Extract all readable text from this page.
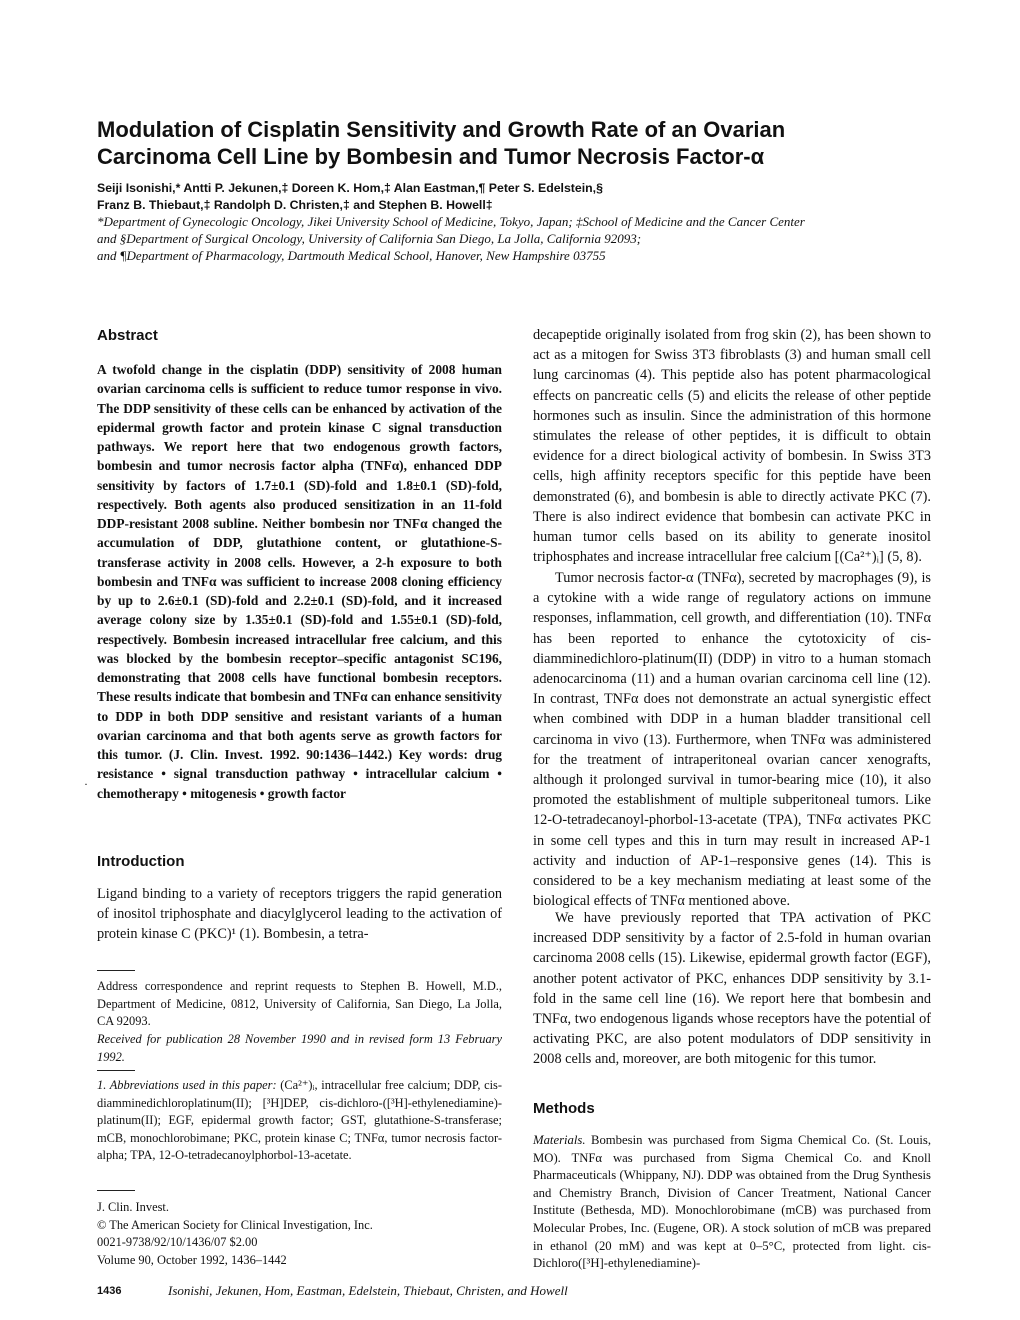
Modulation of Cisplatin Sensitivity and Growth Rate of an Ovarian
Carcinoma Cell Line by Bombesin and Tumor Necrosis Factor-α
Seiji Isonishi,* Antti P. Jekunen,‡ Doreen K. Hom,‡ Alan Eastman,¶ Peter S. Edelstein,§
Franz B. Thiebaut,‡ Randolph D. Christen,‡ and Stephen B. Howell‡
*Department of Gynecologic Oncology, Jikei University School of Medicine, Tokyo, Japan; ‡School of Medicine and the Cancer Center
and §Department of Surgical Oncology, University of California San Diego, La Jolla, California 92093;
and ¶Department of Pharmacology, Dartmouth Medical School, Hanover, New Hampshire 03755
Abstract

A twofold change in the cisplatin (DDP) sensitivity of 2008 human ovarian carcinoma cells is sufficient to reduce tumor response in vivo. The DDP sensitivity of these cells can be enhanced by activation of the epidermal growth factor and protein kinase C signal transduction pathways. We report here that two endogenous growth factors, bombesin and tumor necrosis factor alpha (TNFα), enhanced DDP sensitivity by factors of 1.7±0.1 (SD)-fold and 1.8±0.1 (SD)-fold, respectively. Both agents also produced sensitization in an 11-fold DDP-resistant 2008 subline. Neither bombesin nor TNFα changed the accumulation of DDP, glutathione content, or glutathione-S-transferase activity in 2008 cells. However, a 2-h exposure to both bombesin and TNFα was sufficient to increase 2008 cloning efficiency by up to 2.6±0.1 (SD)-fold and 2.2±0.1 (SD)-fold, and it increased average colony size by 1.35±0.1 (SD)-fold and 1.55±0.1 (SD)-fold, respectively. Bombesin increased intracellular free calcium, and this was blocked by the bombesin receptor–specific antagonist SC196, demonstrating that 2008 cells have functional bombesin receptors. These results indicate that bombesin and TNFα can enhance sensitivity to DDP in both DDP sensitive and resistant variants of a human ovarian carcinoma and that both agents serve as growth factors for this tumor. (J. Clin. Invest. 1992. 90:1436–1442.) Key words: drug resistance • signal transduction pathway • intracellular calcium • chemotherapy • mitogenesis • growth factor

·
Introduction

Ligand binding to a variety of receptors triggers the rapid generation of inositol triphosphate and diacylglycerol leading to the activation of protein kinase C (PKC)¹ (1). Bombesin, a tetra-

Address correspondence and reprint requests to Stephen B. Howell, M.D., Department of Medicine, 0812, University of California, San Diego, La Jolla, CA 92093.

Received for publication 28 November 1990 and in revised form 13 February 1992.

1. Abbreviations used in this paper: (Ca²⁺)ᵢ, intracellular free calcium; DDP, cis-diamminedichloroplatinum(II); [³H]DEP, cis-dichloro-([³H]-ethylenediamine)-platinum(II); EGF, epidermal growth factor; GST, glutathione-S-transferase; mCB, monochlorobimane; PKC, protein kinase C; TNFα, tumor necrosis factor-alpha; TPA, 12-O-tetradecanoylphorbol-13-acetate.

J. Clin. Invest.
© The American Society for Clinical Investigation, Inc.
0021-9738/92/10/1436/07 $2.00
Volume 90, October 1992, 1436–1442

decapeptide originally isolated from frog skin (2), has been shown to act as a mitogen for Swiss 3T3 fibroblasts (3) and human small cell lung carcinomas (4). This peptide also has potent pharmacological effects on pancreatic cells (5) and elicits the release of other peptide hormones such as insulin. Since the administration of this hormone stimulates the release of other peptides, it is difficult to obtain evidence for a direct biological activity of bombesin. In Swiss 3T3 cells, high affinity receptors specific for this peptide have been demonstrated (6), and bombesin is able to directly activate PKC (7). There is also indirect evidence that bombesin can activate PKC in human tumor cells based on its ability to generate inositol triphosphates and increase intracellular free calcium [(Ca²⁺)ᵢ] (5, 8).

Tumor necrosis factor-α (TNFα), secreted by macrophages (9), is a cytokine with a wide range of regulatory actions on immune responses, inflammation, cell growth, and differentiation (10). TNFα has been reported to enhance the cytotoxicity of cis-diamminedichloro-platinum(II) (DDP) in vitro to a human stomach adenocarcinoma (11) and a human ovarian carcinoma cell line (12). In contrast, TNFα does not demonstrate an actual synergistic effect when combined with DDP in a human bladder transitional cell carcinoma in vivo (13). Furthermore, when TNFα was administered for the treatment of intraperitoneal ovarian cancer xenografts, although it prolonged survival in tumor-bearing mice (10), it also promoted the establishment of multiple subperitoneal tumors. Like 12-O-tetradecanoyl-phorbol-13-acetate (TPA), TNFα activates PKC in some cell types and this in turn may result in increased AP-1 activity and induction of AP-1–responsive genes (14). This is considered to be a key mechanism mediating at least some of the biological effects of TNFα mentioned above.

We have previously reported that TPA activation of PKC increased DDP sensitivity by a factor of 2.5-fold in human ovarian carcinoma 2008 cells (15). Likewise, epidermal growth factor (EGF), another potent activator of PKC, enhances DDP sensitivity by 3.1-fold in the same cell line (16). We report here that bombesin and TNFα, two endogenous ligands whose receptors have the potential of activating PKC, are also potent modulators of DDP sensitivity in 2008 cells and, moreover, are both mitogenic for this tumor.

Methods

Materials. Bombesin was purchased from Sigma Chemical Co. (St. Louis, MO). TNFα was purchased from Sigma Chemical Co. and Knoll Pharmaceuticals (Whippany, NJ). DDP was obtained from the Drug Synthesis and Chemistry Branch, Division of Cancer Treatment, National Cancer Institute (Bethesda, MD). Monochlorobimane (mCB) was purchased from Molecular Probes, Inc. (Eugene, OR). A stock solution of mCB was prepared in ethanol (20 mM) and was kept at 0–5°C, protected from light. cis-Dichloro([³H]-ethylenediamine)-

1436	Isonishi, Jekunen, Hom, Eastman, Edelstein, Thiebaut, Christen, and Howell
